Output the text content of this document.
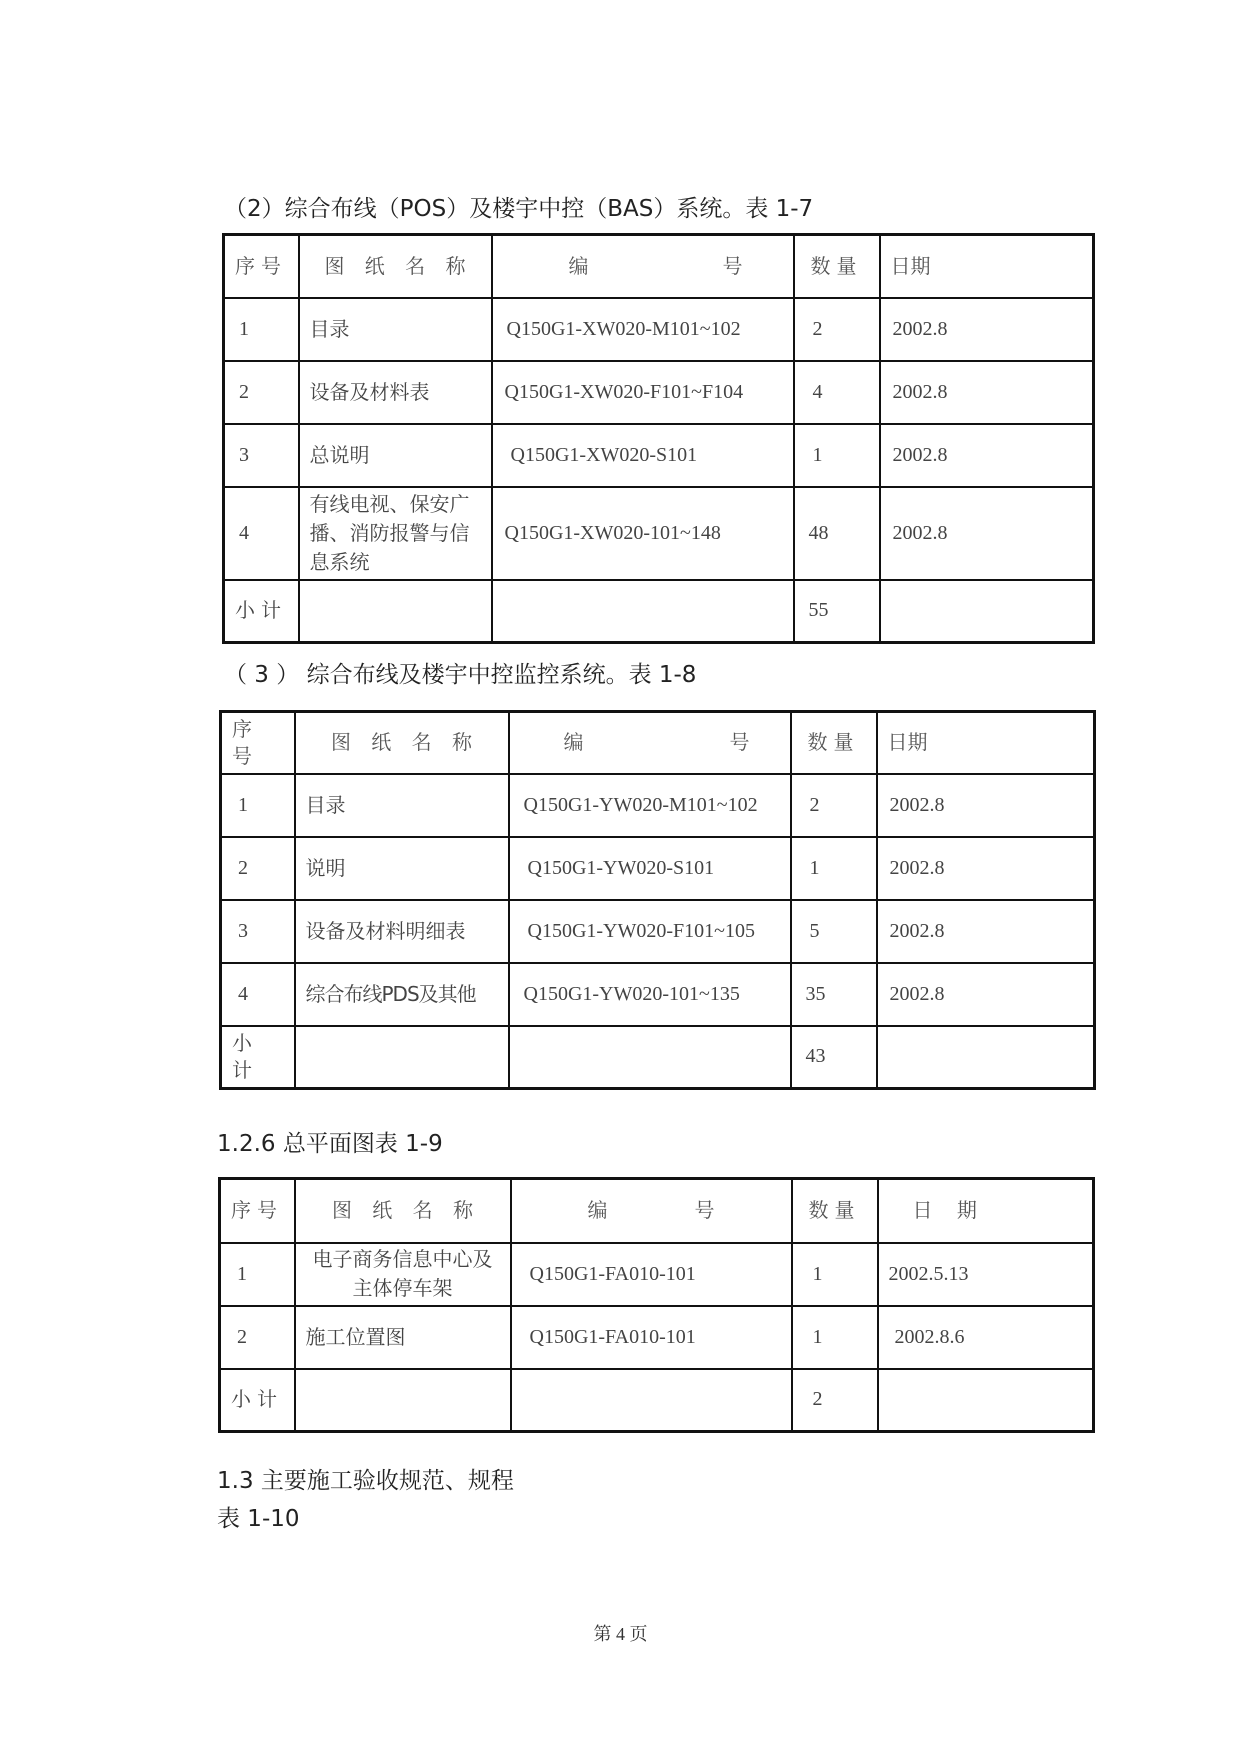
（2）综合布线（POS）及楼宇中控（BAS）系统。表 1-7
序号	图 纸 名 称	编 号	数量	日期
1	目录	Q150G1-XW020-M101~102	2	2002.8
2	设备及材料表	Q150G1-XW020-F101~F104	4	2002.8
3	总说明	Q150G1-XW020-S101	1	2002.8
4	有线电视、保安广播、消防报警与信息系统	Q150G1-XW020-101~148	48	2002.8
小计			55	
（ 3 ） 综合布线及楼宇中控监控系统。表 1-8
序号	图 纸 名 称	编 号	数量	日期
1	目录	Q150G1-YW020-M101~102	2	2002.8
2	说明	Q150G1-YW020-S101	1	2002.8
3	设备及材料明细表	Q150G1-YW020-F101~105	5	2002.8
4	综合布线PDS及其他	Q150G1-YW020-101~135	35	2002.8
小计			43	
1.2.6 总平面图表 1-9
序号	图 纸 名 称	编 号	数量	日 期
1	电子商务信息中心及主体停车架	Q150G1-FA010-101	1	2002.5.13
2	施工位置图	Q150G1-FA010-101	1	2002.8.6
小计			2	
1.3 主要施工验收规范、规程
表 1-10
第 4 页
